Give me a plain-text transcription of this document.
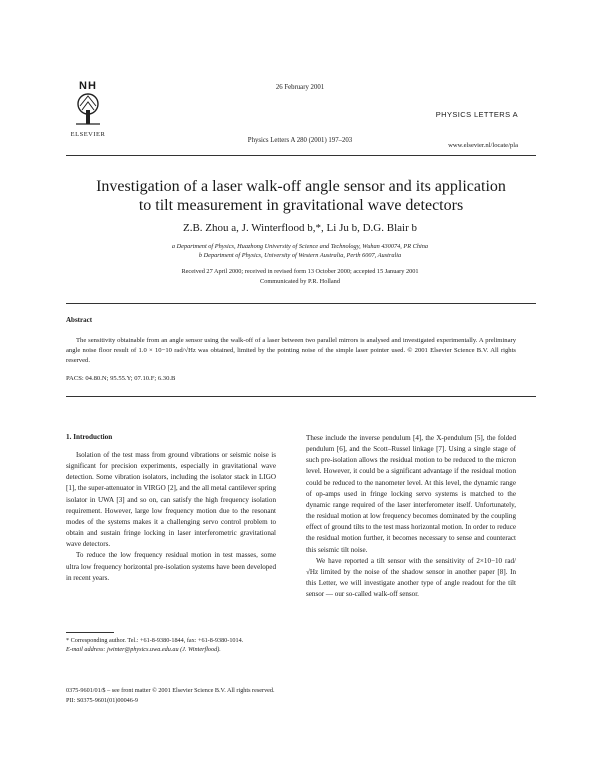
NH
ELSEVIER
26 February 2001
PHYSICS LETTERS A
Physics Letters A 280 (2001) 197–203
www.elsevier.nl/locate/pla
Investigation of a laser walk-off angle sensor and its application
to tilt measurement in gravitational wave detectors
Z.B. Zhou a, J. Winterflood b,*, Li Ju b, D.G. Blair b
a Department of Physics, Huazhong University of Science and Technology, Wuhan 430074, PR China
b Department of Physics, University of Western Australia, Perth 6007, Australia
Received 27 April 2000; received in revised form 13 October 2000; accepted 15 January 2001
Communicated by P.R. Holland
Abstract
The sensitivity obtainable from an angle sensor using the walk-off of a laser between two parallel mirrors is analysed and investigated experimentally. A preliminary angle noise floor result of 1.0 × 10−10 rad/√Hz was obtained, limited by the pointing noise of the simple laser pointer used. © 2001 Elsevier Science B.V. All rights reserved.
PACS: 04.80.N; 95.55.Y; 07.10.F; 6.30.B
1. Introduction

Isolation of the test mass from ground vibrations or seismic noise is significant for precision experiments, especially in gravitational wave detection. Some vibration isolators, including the isolator stack in LIGO [1], the super-attenuator in VIRGO [2], and the all metal cantilever spring isolator in UWA [3] and so on, can satisfy the high frequency isolation requirement. However, large low frequency motion due to the resonant modes of the systems makes it a challenging servo control problem to obtain and sustain fringe locking in laser interferometric gravitational wave detectors.

To reduce the low frequency residual motion in test masses, some ultra low frequency horizontal pre-isolation systems have been developed in recent years.

These include the inverse pendulum [4], the X-pendulum [5], the folded pendulum [6], and the Scott–Russel linkage [7]. Using a single stage of such pre-isolation allows the residual motion to be reduced to the micron level. However, it could be a significant advantage if the residual motion could be reduced to the nanometer level. At this level, the dynamic range of op-amps used in fringe locking servo systems is matched to the dynamic range required of the laser interferometer itself. Unfortunately, the residual motion at low frequency becomes dominated by the coupling effect of ground tilts to the test mass horizontal motion. In order to reduce the residual motion further, it becomes necessary to sense and counteract this seismic tilt noise.

We have reported a tilt sensor with the sensitivity of 2×10−10 rad/√Hz limited by the noise of the shadow sensor in another paper [8]. In this Letter, we will investigate another type of angle readout for the tilt sensor — our so-called walk-off sensor.

* Corresponding author. Tel.: +61-8-9380-1844, fax: +61-8-9380-1014.

E-mail address: jwinter@physics.uwa.edu.au (J. Winterflood).

0375-9601/01/$ – see front matter © 2001 Elsevier Science B.V. All rights reserved.
PII: S0375-9601(01)00046-9
